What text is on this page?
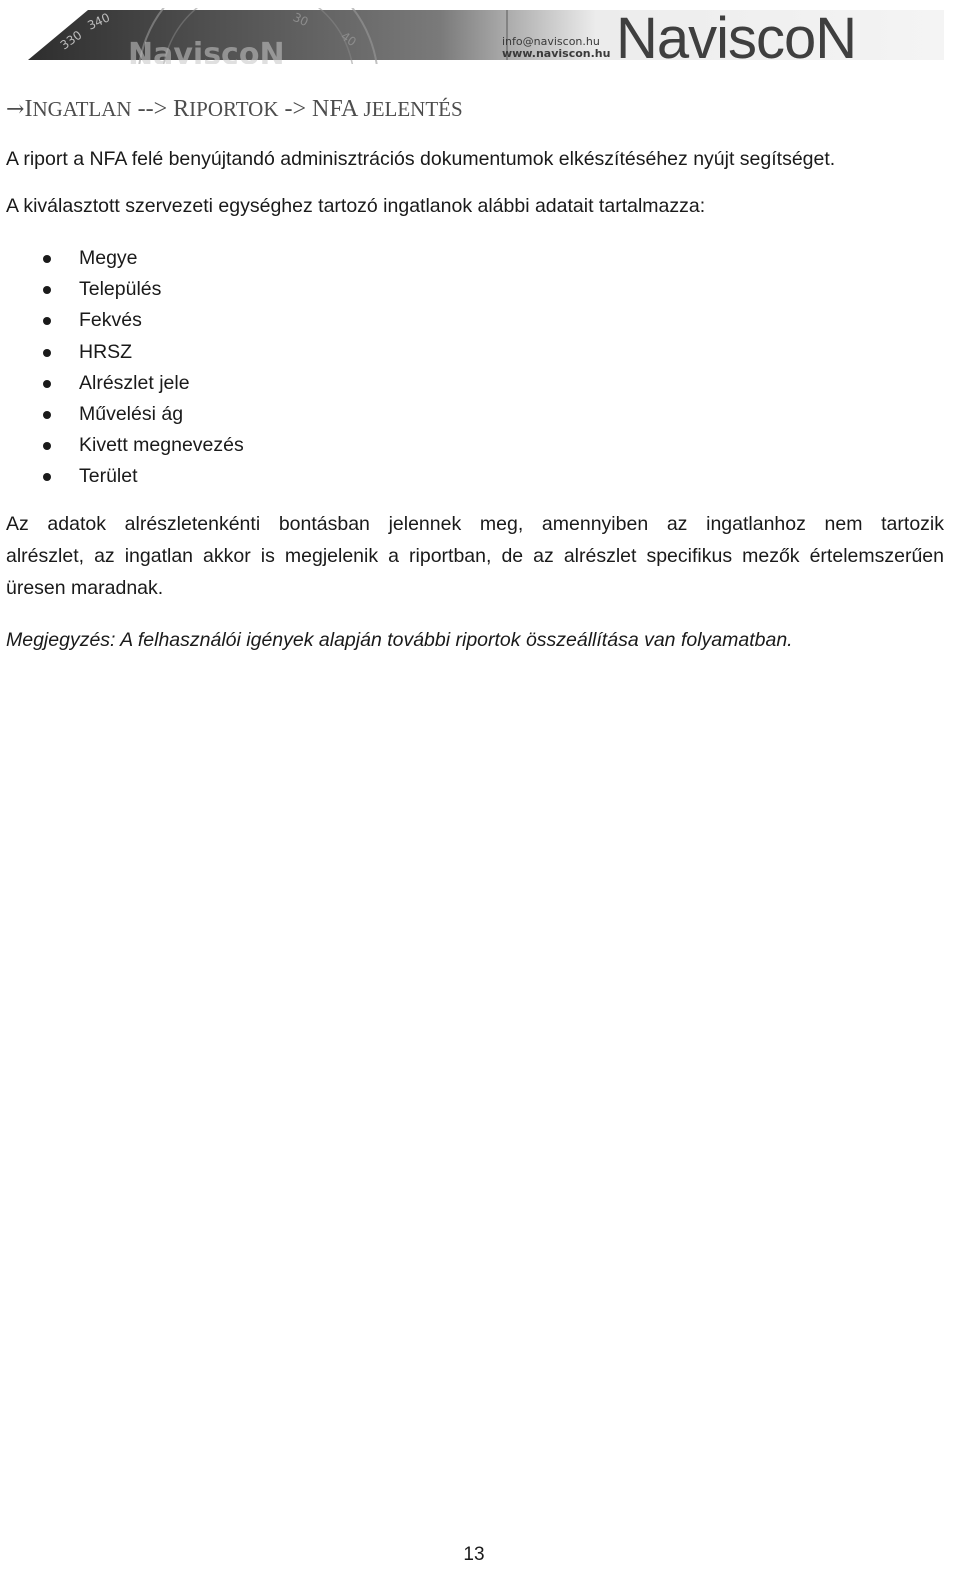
330
340	30
40
NaviscoN	info@naviscon.hu
www.naviscon.hu NavisсoN
→INGATLAN --> RIPORTOK -> NFA JELENTÉS
A riport a NFA felé benyújtandó adminisztrációs dokumentumok elkészítéséhez nyújt segítséget.
A kiválasztott szervezeti egységhez tartozó ingatlanok alábbi adatait tartalmazza:
Megye
Település
Fekvés
HRSZ
Alrészlet jele
Művelési ág
Kivett megnevezés
Terület
Az adatok alrészletenkénti bontásban jelennek meg, amennyiben az ingatlanhoz nem tartozik
alrészlet, az ingatlan akkor is megjelenik a riportban, de az alrészlet specifikus mezők értelemszerűen
üresen maradnak.
Megjegyzés: A felhasználói igények alapján további riportok összeállítása van folyamatban.
13
